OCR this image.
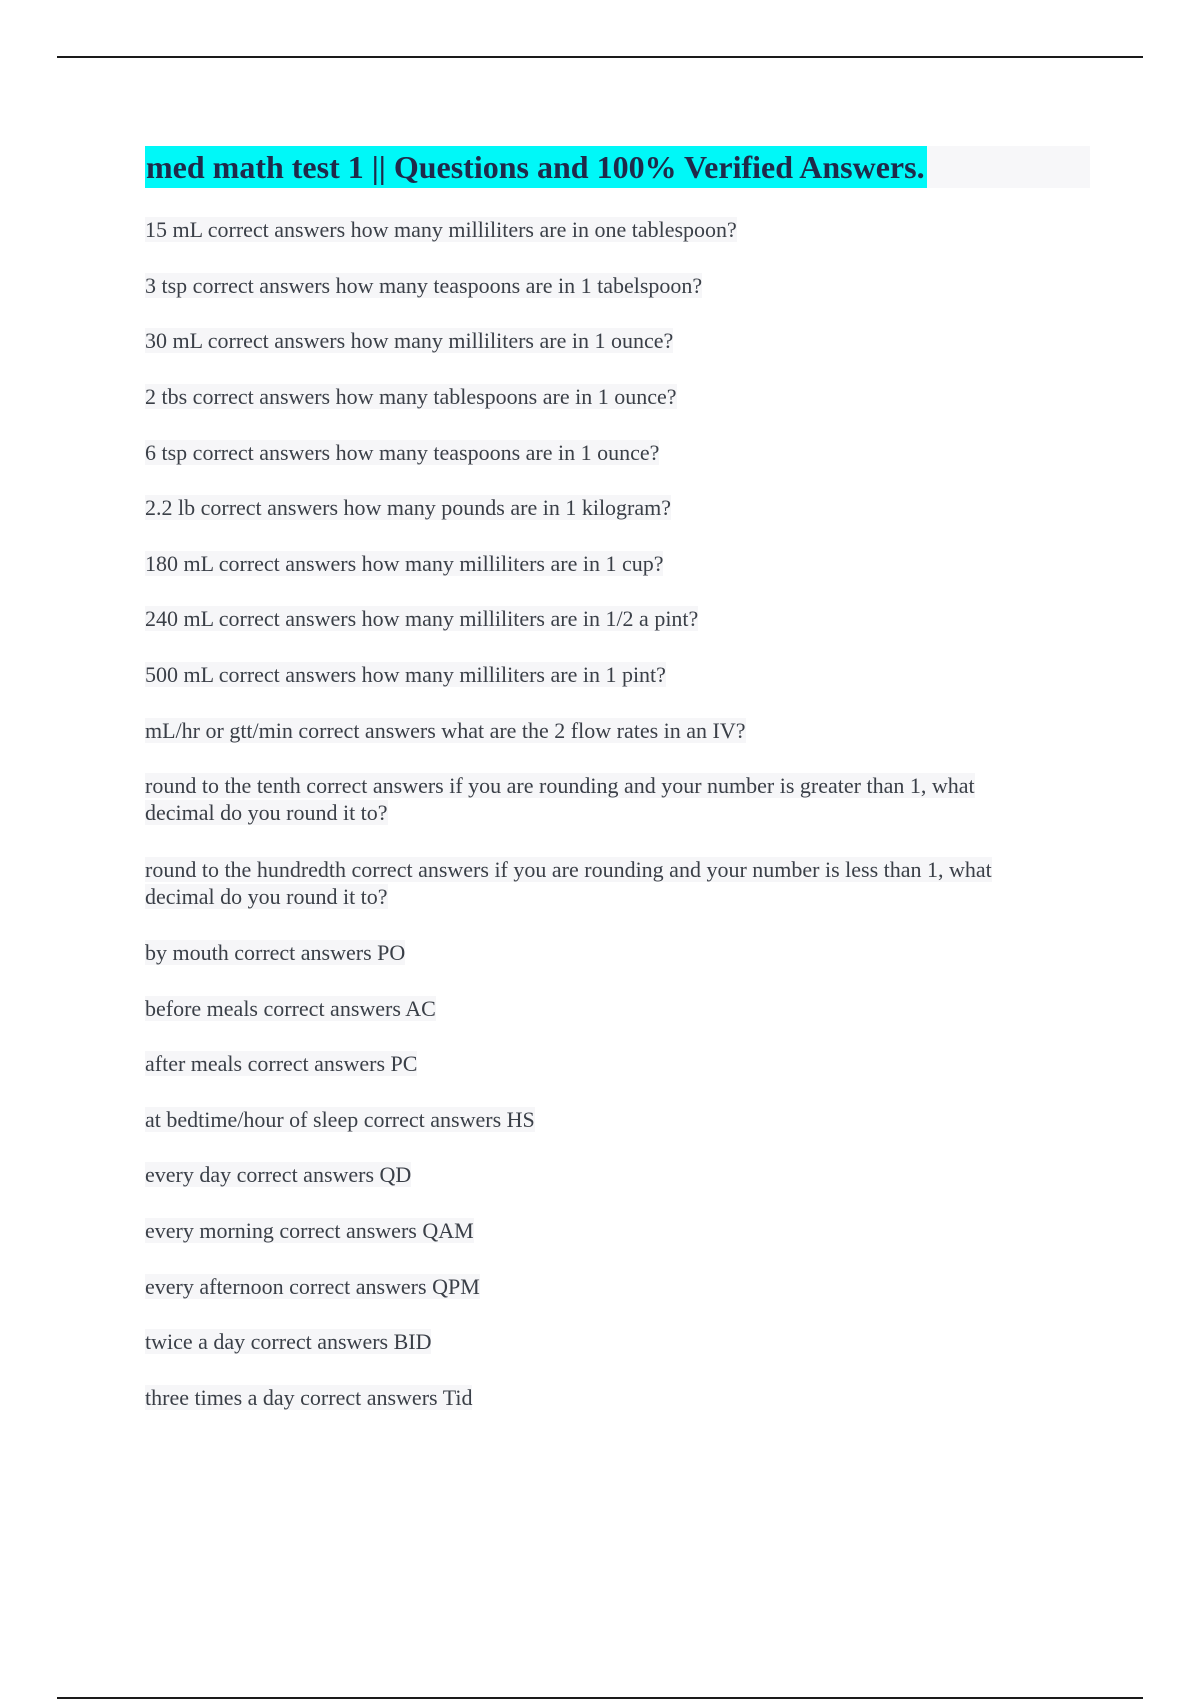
med math test 1 || Questions and 100% Verified Answers.

15 mL correct answers how many milliliters are in one tablespoon?

3 tsp correct answers how many teaspoons are in 1 tabelspoon?

30 mL correct answers how many milliliters are in 1 ounce?

2 tbs correct answers how many tablespoons are in 1 ounce?

6 tsp correct answers how many teaspoons are in 1 ounce?

2.2 lb correct answers how many pounds are in 1 kilogram?

180 mL correct answers how many milliliters are in 1 cup?

240 mL correct answers how many milliliters are in 1/2 a pint?

500 mL correct answers how many milliliters are in 1 pint?

mL/hr or gtt/min correct answers what are the 2 flow rates in an IV?

round to the tenth correct answers if you are rounding and your number is greater than 1, what

decimal do you round it to?

round to the hundredth correct answers if you are rounding and your number is less than 1, what

decimal do you round it to?

by mouth correct answers PO

before meals correct answers AC

after meals correct answers PC

at bedtime/hour of sleep correct answers HS

every day correct answers QD

every morning correct answers QAM

every afternoon correct answers QPM

twice a day correct answers BID

three times a day correct answers Tid
